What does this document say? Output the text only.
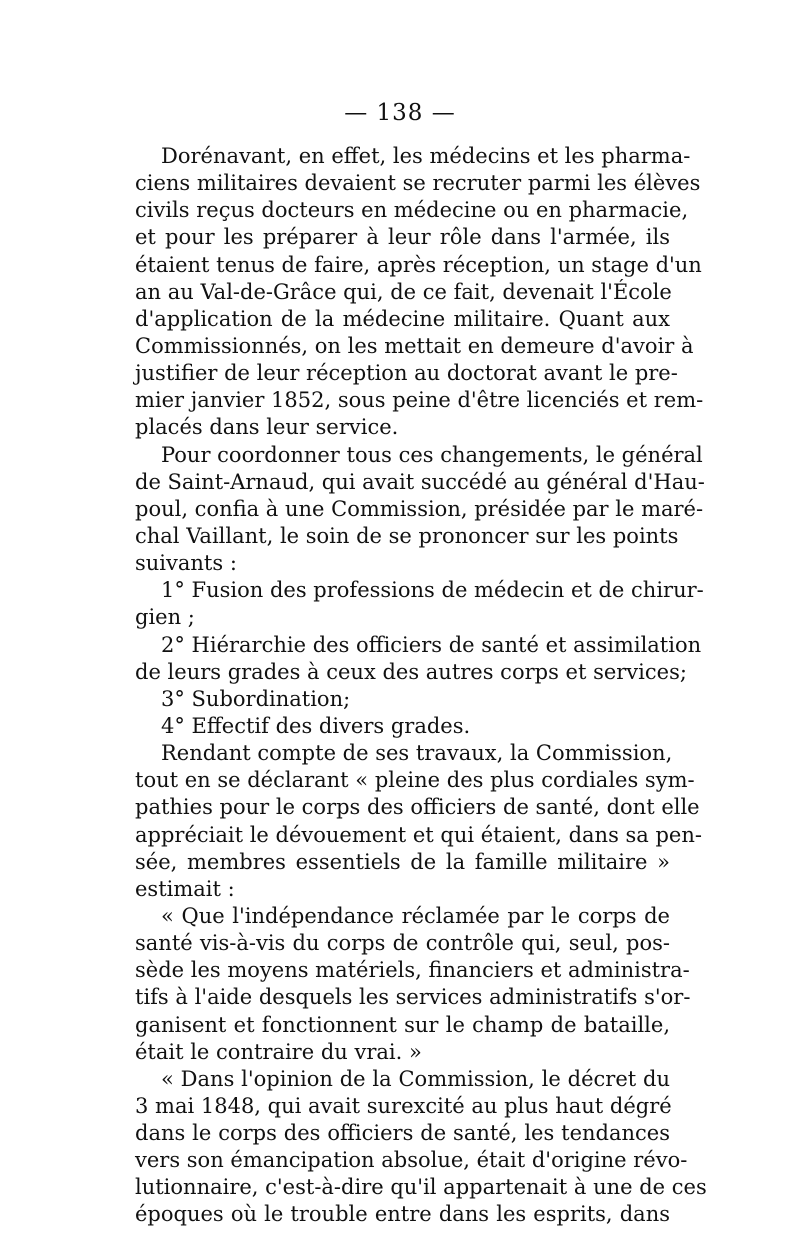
— 138 —
Dorénavant, en effet, les médecins et les pharma-
ciens militaires devaient se recruter parmi les élèves
civils reçus docteurs en médecine ou en pharmacie,
et pour les préparer à leur rôle dans l'armée, ils
étaient tenus de faire, après réception, un stage d'un
an au Val-de-Grâce qui, de ce fait, devenait l'École
d'application de la médecine militaire. Quant aux
Commissionnés, on les mettait en demeure d'avoir à
justifier de leur réception au doctorat avant le pre-
mier janvier 1852, sous peine d'être licenciés et rem-
placés dans leur service.
Pour coordonner tous ces changements, le général
de Saint-Arnaud, qui avait succédé au général d'Hau-
poul, confia à une Commission, présidée par le maré-
chal Vaillant, le soin de se prononcer sur les points
suivants :
1° Fusion des professions de médecin et de chirur-
gien ;
2° Hiérarchie des officiers de santé et assimilation
de leurs grades à ceux des autres corps et services;
3° Subordination;
4° Effectif des divers grades.
Rendant compte de ses travaux, la Commission,
tout en se déclarant « pleine des plus cordiales sym-
pathies pour le corps des officiers de santé, dont elle
appréciait le dévouement et qui étaient, dans sa pen-
sée, membres essentiels de la famille militaire »
estimait :
« Que l'indépendance réclamée par le corps de
santé vis-à-vis du corps de contrôle qui, seul, pos-
sède les moyens matériels, financiers et administra-
tifs à l'aide desquels les services administratifs s'or-
ganisent et fonctionnent sur le champ de bataille,
était le contraire du vrai. »
« Dans l'opinion de la Commission, le décret du
3 mai 1848, qui avait surexcité au plus haut dégré
dans le corps des officiers de santé, les tendances
vers son émancipation absolue, était d'origine révo-
lutionnaire, c'est-à-dire qu'il appartenait à une de ces
époques où le trouble entre dans les esprits, dans
